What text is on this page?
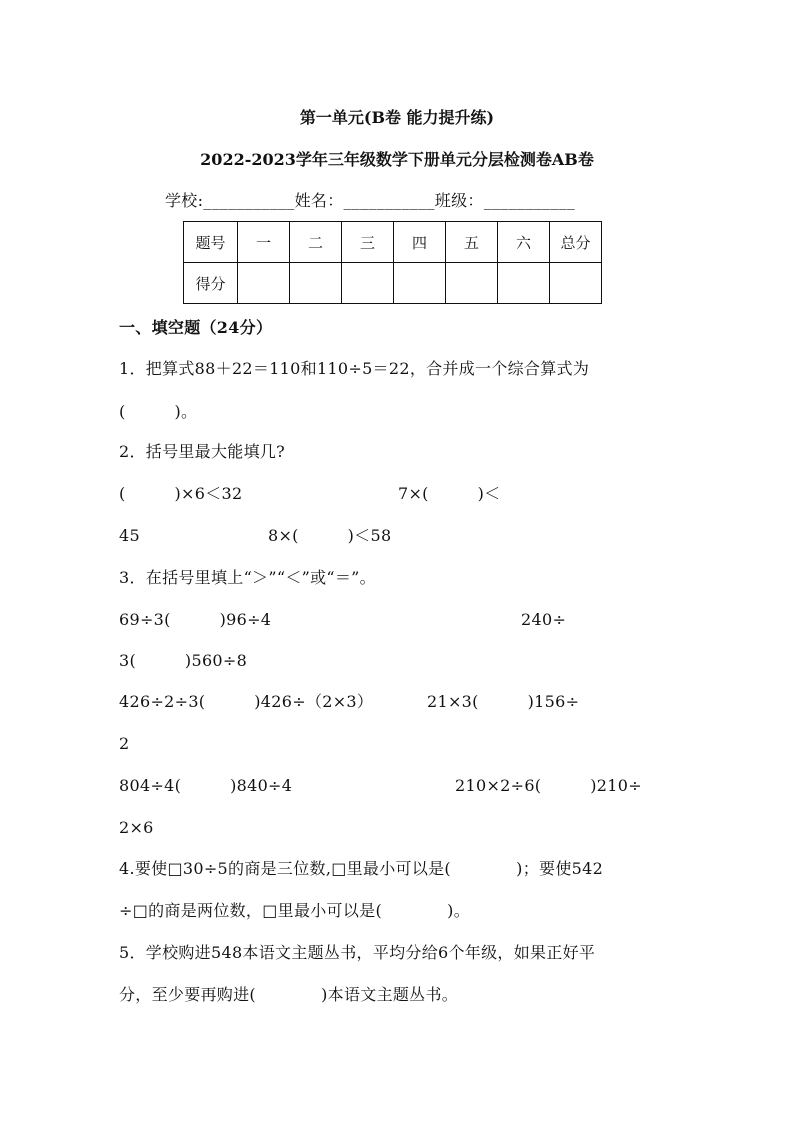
第一单元(B卷 能力提升练)
2022-2023学年三年级数学下册单元分层检测卷AB卷
学校:___________姓名：___________班级：___________
题号	一	二	三	四	五	六	总分
得分							
一、填空题（24分）
1．把算式88＋22＝110和110÷5＝22，合并成一个综合算式为
(　　　)。
2．括号里最大能填几?
(　　　)×6＜32	7×(　　　)＜
45	8×(　　　)＜58
3．在括号里填上“＞”“＜”或“＝”。
69÷3(　　　)96÷4	240÷
3(　　　)560÷8
426÷2÷3(　　　)426÷（2×3）	21×3(　　　)156÷
2
804÷4(　　　)840÷4	210×2÷6(　　　)210÷
2×6
4.要使□30÷5的商是三位数,□里最小可以是(　　　　)；要使542
÷□的商是两位数，□里最小可以是(　　　　)。
5．学校购进548本语文主题丛书，平均分给6个年级，如果正好平
分，至少要再购进(　　　　)本语文主题丛书。
